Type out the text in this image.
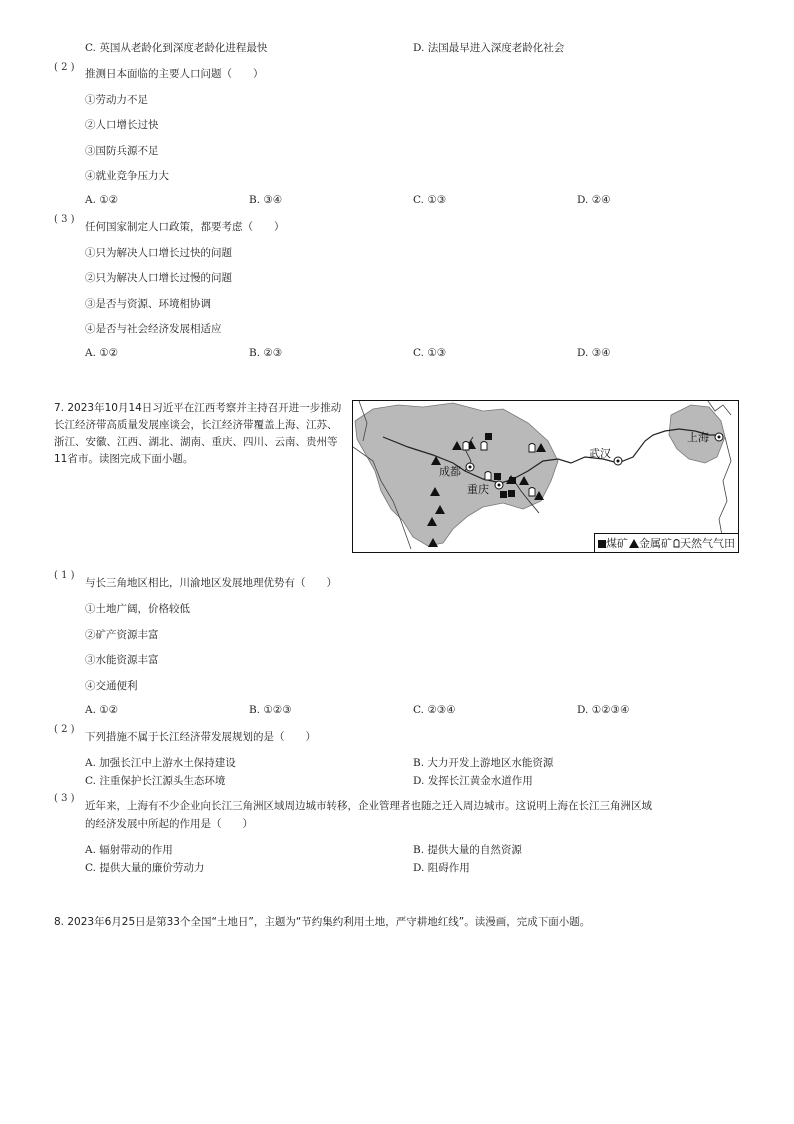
C. 英国从老龄化到深度老龄化进程最快	D. 法国最早进入深度老龄化社会
( 2 )
推测日本面临的主要人口问题（　　）
①劳动力不足
②人口增长过快
③国防兵源不足
④就业竞争压力大
A. ①②	B. ③④	C. ①③	D. ②④
( 3 )
任何国家制定人口政策，都要考虑（　　）
①只为解决人口增长过快的问题
②只为解决人口增长过慢的问题
③是否与资源、环境相协调
④是否与社会经济发展相适应
A. ①②	B. ②③	C. ①③	D. ③④
7. 2023年10月14日习近平在江西考察并主持召开进一步推动长江经济带高质量发展座谈会，长江经济带覆盖上海、江苏、浙江、安徽、江西、湖北、湖南、重庆、四川、云南、贵州等11省市。读图完成下面小题。
成都
重庆
武汉
上海
煤矿 金属矿 天然气气田
( 1 )
与长三角地区相比，川渝地区发展地理优势有（　　）
①土地广阔，价格较低
②矿产资源丰富
③水能资源丰富
④交通便利
A. ①②	B. ①②③	C. ②③④	D. ①②③④
( 2 )
下列措施不属于长江经济带发展规划的是（　　）
A. 加强长江中上游水土保持建设	B. 大力开发上游地区水能资源
C. 注重保护长江源头生态环境	D. 发挥长江黄金水道作用
( 3 )
近年来，上海有不少企业向长江三角洲区域周边城市转移，企业管理者也随之迁入周边城市。这说明上海在长江三角洲区域
的经济发展中所起的作用是（　　）
A. 辐射带动的作用	B. 提供大量的自然资源
C. 提供大量的廉价劳动力	D. 阻碍作用
8. 2023年6月25日是第33个全国“土地日”，主题为“节约集约利用土地，严守耕地红线”。读漫画，完成下面小题。
